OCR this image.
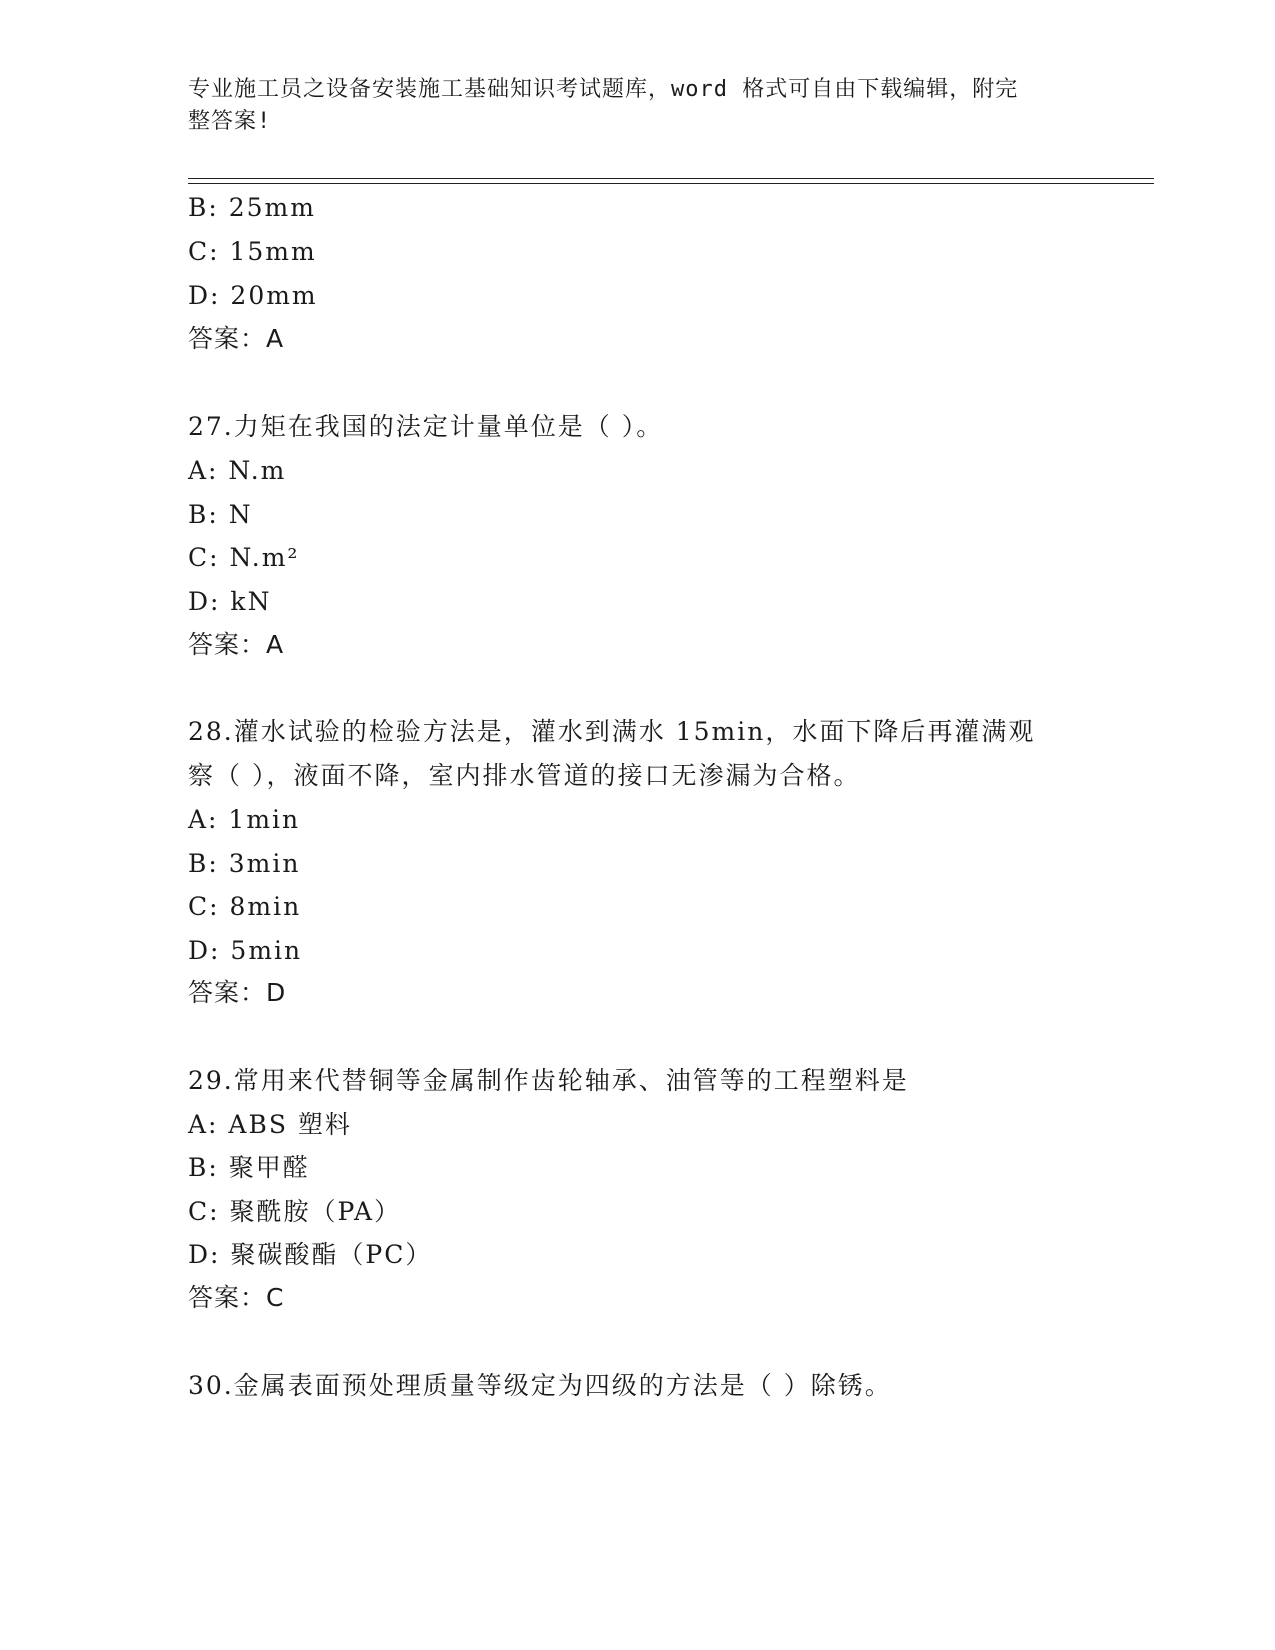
专业施工员之设备安装施工基础知识考试题库，word 格式可自由下载编辑，附完
整答案!
B: 25mm
C: 15mm
D: 20mm
答案：A
27.力矩在我国的法定计量单位是（ ）。
A: N.m
B: N
C: N.m²
D: kN
答案：A
28.灌水试验的检验方法是，灌水到满水 15min，水面下降后再灌满观
察（ ），液面不降，室内排水管道的接口无渗漏为合格。
A: 1min
B: 3min
C: 8min
D: 5min
答案：D
29.常用来代替铜等金属制作齿轮轴承、油管等的工程塑料是
A: ABS 塑料
B: 聚甲醛
C: 聚酰胺（PA）
D: 聚碳酸酯（PC）
答案：C
30.金属表面预处理质量等级定为四级的方法是（ ）除锈。
